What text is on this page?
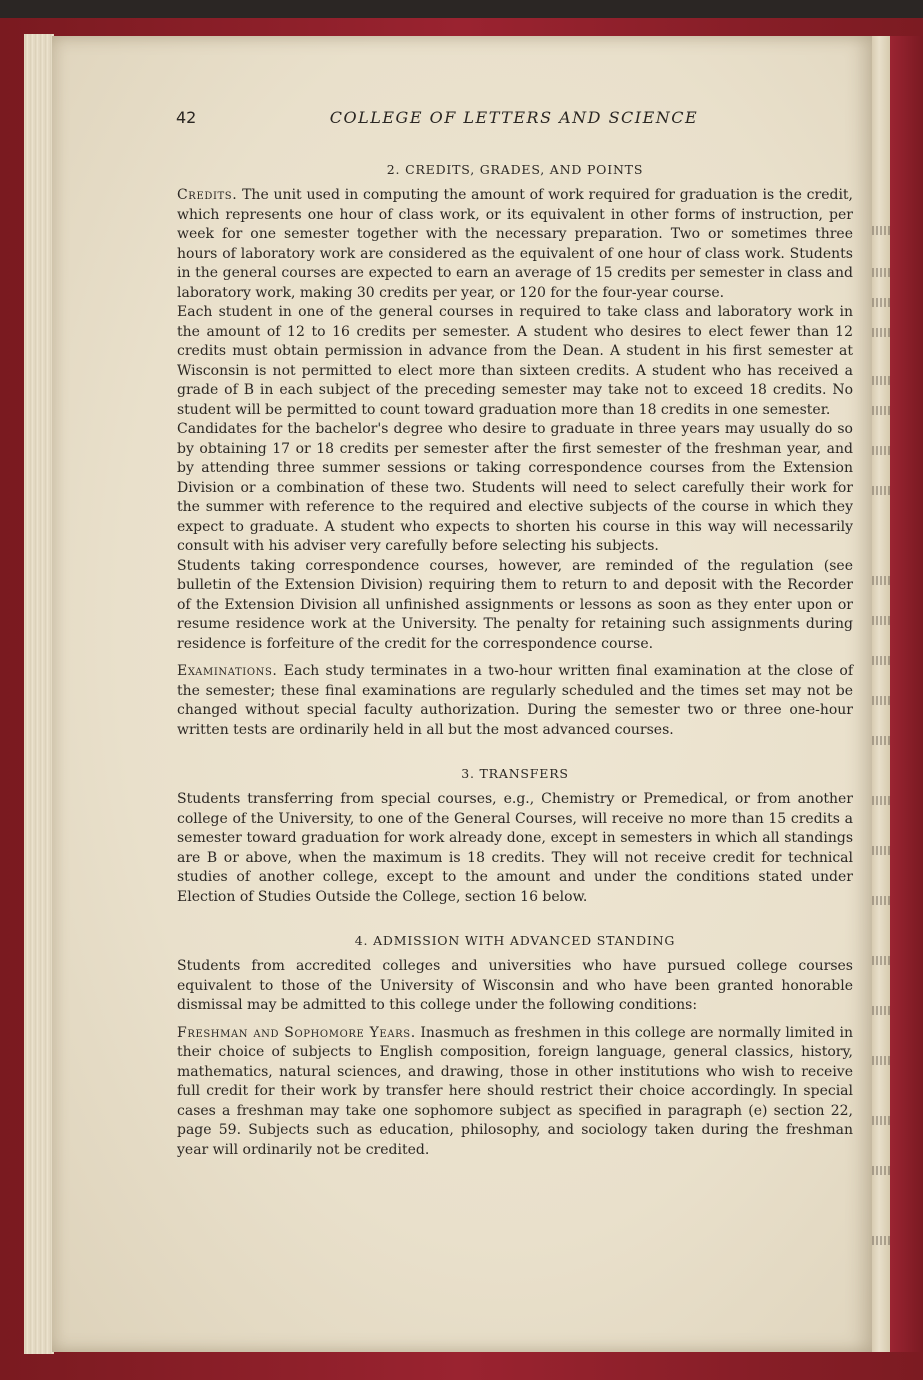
42	COLLEGE OF LETTERS AND SCIENCE
2. CREDITS, GRADES, AND POINTS

Credits. The unit used in computing the amount of work required for graduation is the credit, which represents one hour of class work, or its equivalent in other forms of instruction, per week for one semester together with the necessary preparation. Two or sometimes three hours of laboratory work are considered as the equivalent of one hour of class work. Students in the general courses are expected to earn an average of 15 credits per semester in class and laboratory work, making 30 credits per year, or 120 for the four-year course.

Each student in one of the general courses in required to take class and laboratory work in the amount of 12 to 16 credits per semester. A student who desires to elect fewer than 12 credits must obtain permission in advance from the Dean. A student in his first semester at Wisconsin is not permitted to elect more than sixteen credits. A student who has received a grade of B in each subject of the preceding semester may take not to exceed 18 credits. No student will be permitted to count toward graduation more than 18 credits in one semester.

Candidates for the bachelor's degree who desire to graduate in three years may usually do so by obtaining 17 or 18 credits per semester after the first semester of the freshman year, and by attending three summer sessions or taking correspondence courses from the Extension Division or a combination of these two. Students will need to select carefully their work for the summer with reference to the required and elective subjects of the course in which they expect to graduate. A student who expects to shorten his course in this way will necessarily consult with his adviser very carefully before selecting his subjects.

Students taking correspondence courses, however, are reminded of the regulation (see bulletin of the Extension Division) requiring them to return to and deposit with the Recorder of the Extension Division all unfinished assignments or lessons as soon as they enter upon or resume residence work at the University. The penalty for retaining such assignments during residence is forfeiture of the credit for the correspondence course.

Examinations. Each study terminates in a two-hour written final examination at the close of the semester; these final examinations are regularly scheduled and the times set may not be changed without special faculty authorization. During the semester two or three one-hour written tests are ordinarily held in all but the most advanced courses.

3. TRANSFERS

Students transferring from special courses, e.g., Chemistry or Premedical, or from another college of the University, to one of the General Courses, will receive no more than 15 credits a semester toward graduation for work already done, except in semesters in which all standings are B or above, when the maximum is 18 credits. They will not receive credit for technical studies of another college, except to the amount and under the conditions stated under Election of Studies Outside the College, section 16 below.

4. ADMISSION WITH ADVANCED STANDING

Students from accredited colleges and universities who have pursued college courses equivalent to those of the University of Wisconsin and who have been granted honorable dismissal may be admitted to this college under the following conditions:

Freshman and Sophomore Years. Inasmuch as freshmen in this college are normally limited in their choice of subjects to English composition, foreign language, general classics, history, mathematics, natural sciences, and drawing, those in other institutions who wish to receive full credit for their work by transfer here should restrict their choice accordingly. In special cases a freshman may take one sophomore subject as specified in paragraph (e) section 22, page 59. Subjects such as education, philosophy, and sociology taken during the freshman year will ordinarily not be credited.
